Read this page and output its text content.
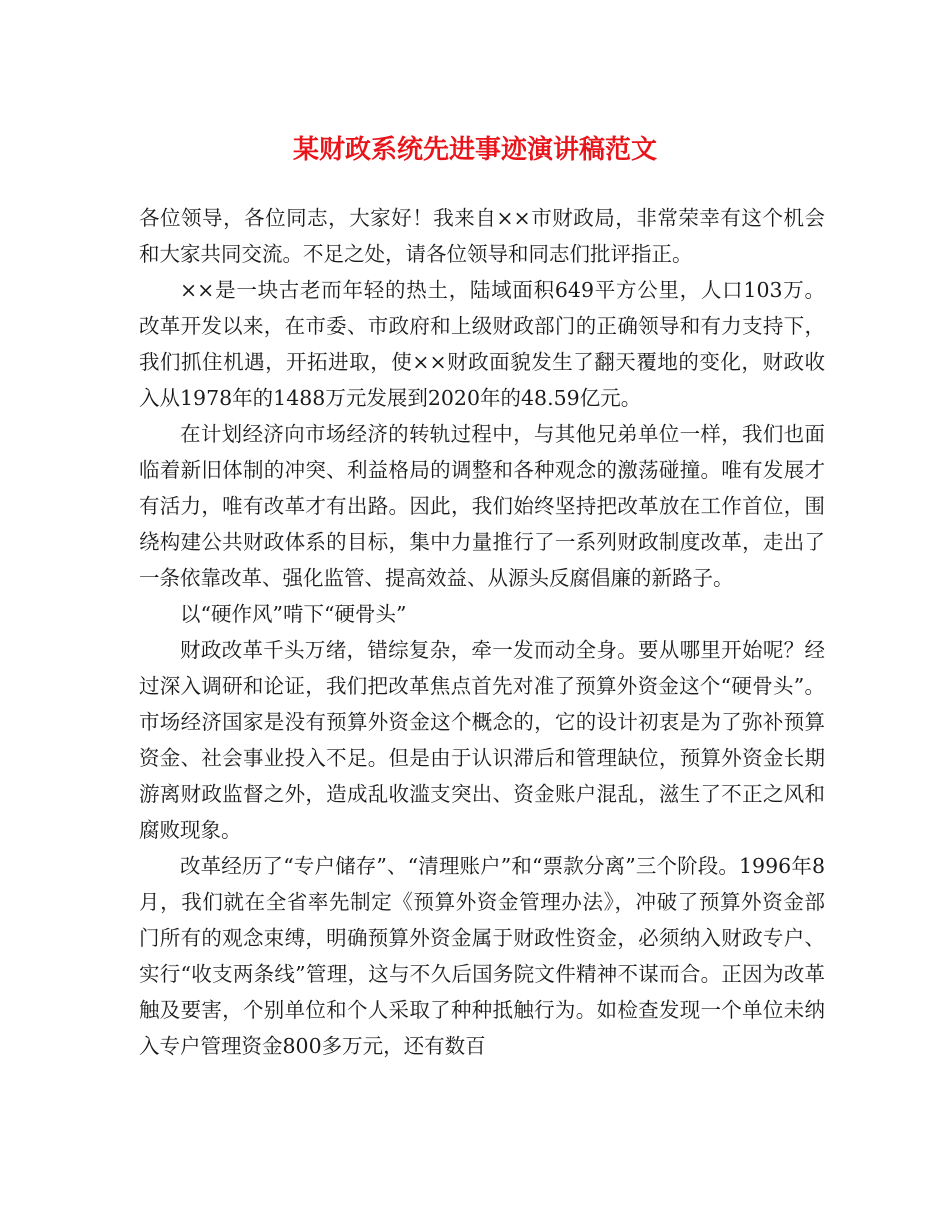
某财政系统先进事迹演讲稿范文

各位领导，各位同志，大家好！我来自××市财政局，非常荣幸有这个机会和大家共同交流。不足之处，请各位领导和同志们批评指正。

××是一块古老而年轻的热土，陆域面积649平方公里，人口103万。改革开发以来，在市委、市政府和上级财政部门的正确领导和有力支持下，我们抓住机遇，开拓进取，使××财政面貌发生了翻天覆地的变化，财政收入从1978年的1488万元发展到2020年的48.59亿元。

在计划经济向市场经济的转轨过程中，与其他兄弟单位一样，我们也面临着新旧体制的冲突、利益格局的调整和各种观念的激荡碰撞。唯有发展才有活力，唯有改革才有出路。因此，我们始终坚持把改革放在工作首位，围绕构建公共财政体系的目标，集中力量推行了一系列财政制度改革，走出了一条依靠改革、强化监管、提高效益、从源头反腐倡廉的新路子。

以“硬作风”啃下“硬骨头”

财政改革千头万绪，错综复杂，牵一发而动全身。要从哪里开始呢？经过深入调研和论证，我们把改革焦点首先对准了预算外资金这个“硬骨头”。市场经济国家是没有预算外资金这个概念的，它的设计初衷是为了弥补预算资金、社会事业投入不足。但是由于认识滞后和管理缺位，预算外资金长期游离财政监督之外，造成乱收滥支突出、资金账户混乱，滋生了不正之风和腐败现象。

改革经历了“专户储存”、“清理账户”和“票款分离”三个阶段。1996年8月，我们就在全省率先制定《预算外资金管理办法》，冲破了预算外资金部门所有的观念束缚，明确预算外资金属于财政性资金，必须纳入财政专户、实行“收支两条线”管理，这与不久后国务院文件精神不谋而合。正因为改革触及要害，个别单位和个人采取了种种抵触行为。如检查发现一个单位未纳入专户管理资金800多万元，还有数百
